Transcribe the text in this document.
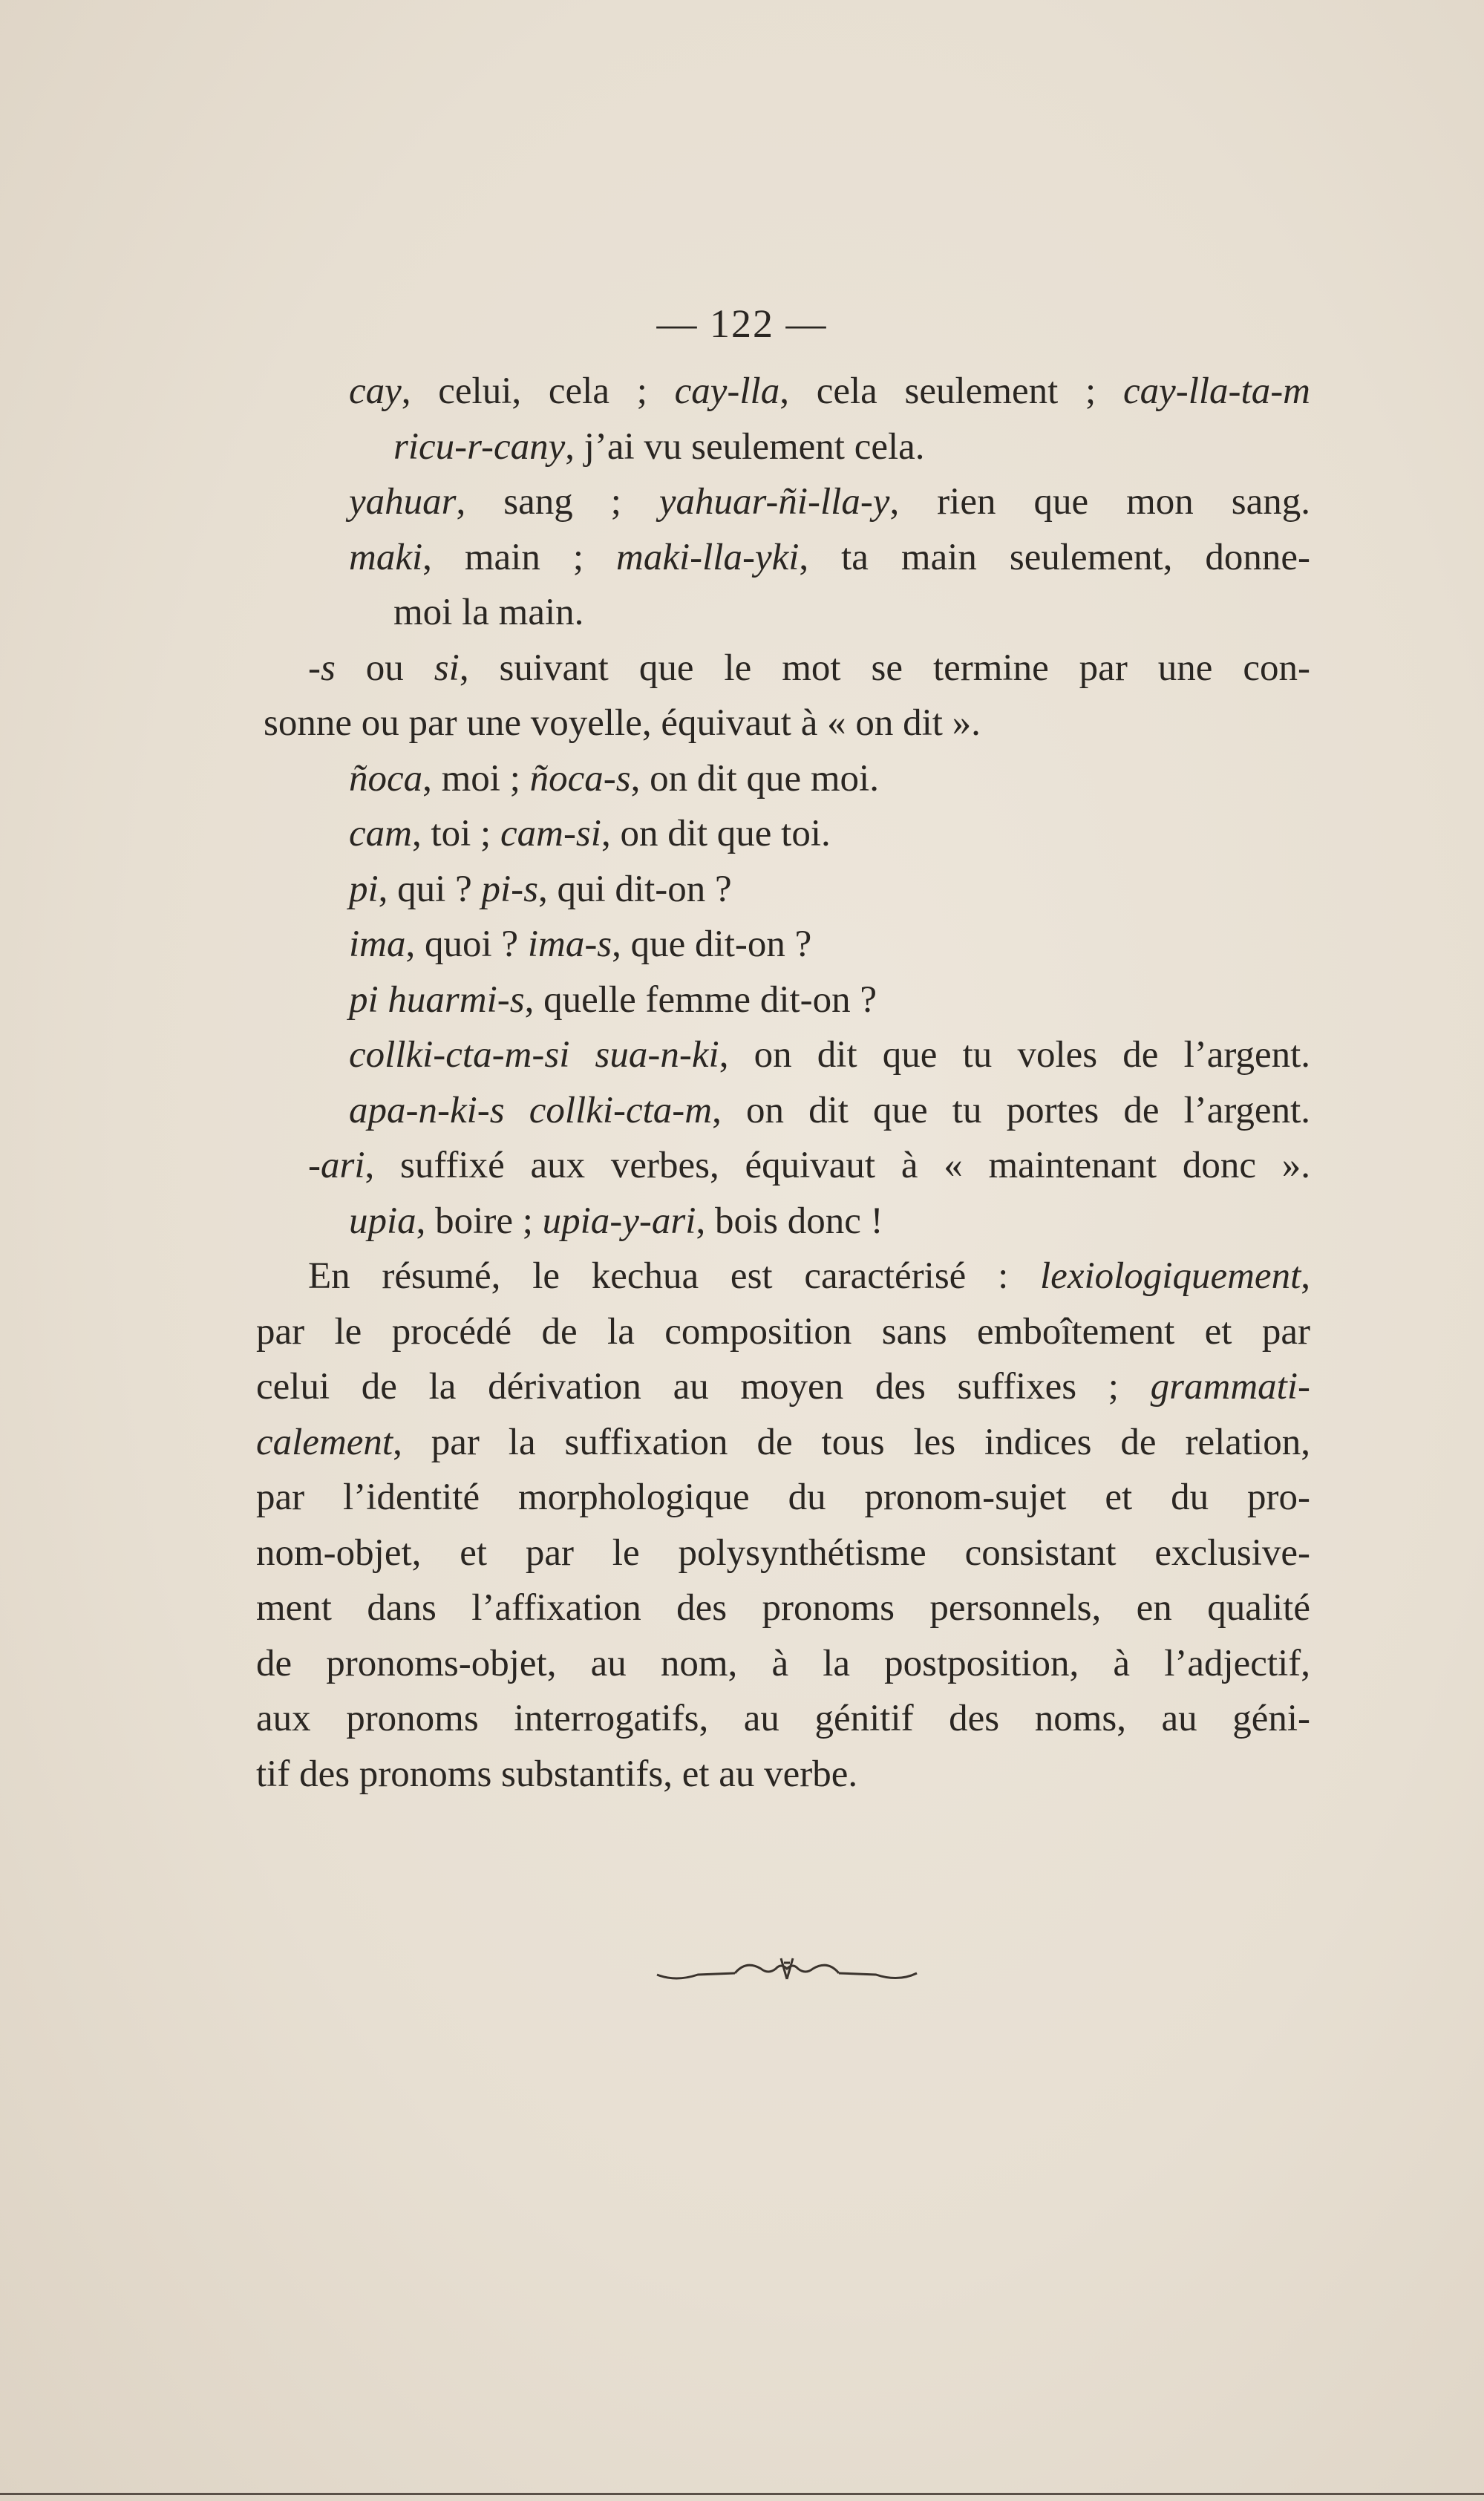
— 122 —
cay, celui, cela ; cay-lla, cela seulement ; cay-lla-ta-m
ricu-r-cany, j’ai vu seulement cela.
yahuar, sang ; yahuar-ñi-lla-y, rien que mon sang.
maki, main ; maki-lla-yki, ta main seulement, donne-
moi la main.
-s ou si, suivant que le mot se termine par une con-
sonne ou par une voyelle, équivaut à « on dit ».
ñoca, moi ; ñoca-s, on dit que moi.
cam, toi ; cam-si, on dit que toi.
pi, qui ? pi-s, qui dit-on ?
ima, quoi ? ima-s, que dit-on ?
pi huarmi-s, quelle femme dit-on ?
collki-cta-m-si sua-n-ki, on dit que tu voles de l’argent.
apa-n-ki-s collki-cta-m, on dit que tu portes de l’argent.
-ari, suffixé aux verbes, équivaut à « maintenant donc ».
upia, boire ; upia-y-ari, bois donc !
En résumé, le kechua est caractérisé : lexiologiquement,
par le procédé de la composition sans emboîtement et par
celui de la dérivation au moyen des suffixes ; grammati-
calement, par la suffixation de tous les indices de relation,
par l’identité morphologique du pronom-sujet et du pro-
nom-objet, et par le polysynthétisme consistant exclusive-
ment dans l’affixation des pronoms personnels, en qualité
de pronoms-objet, au nom, à la postposition, à l’adjectif,
aux pronoms interrogatifs, au génitif des noms, au géni-
tif des pronoms substantifs, et au verbe.
